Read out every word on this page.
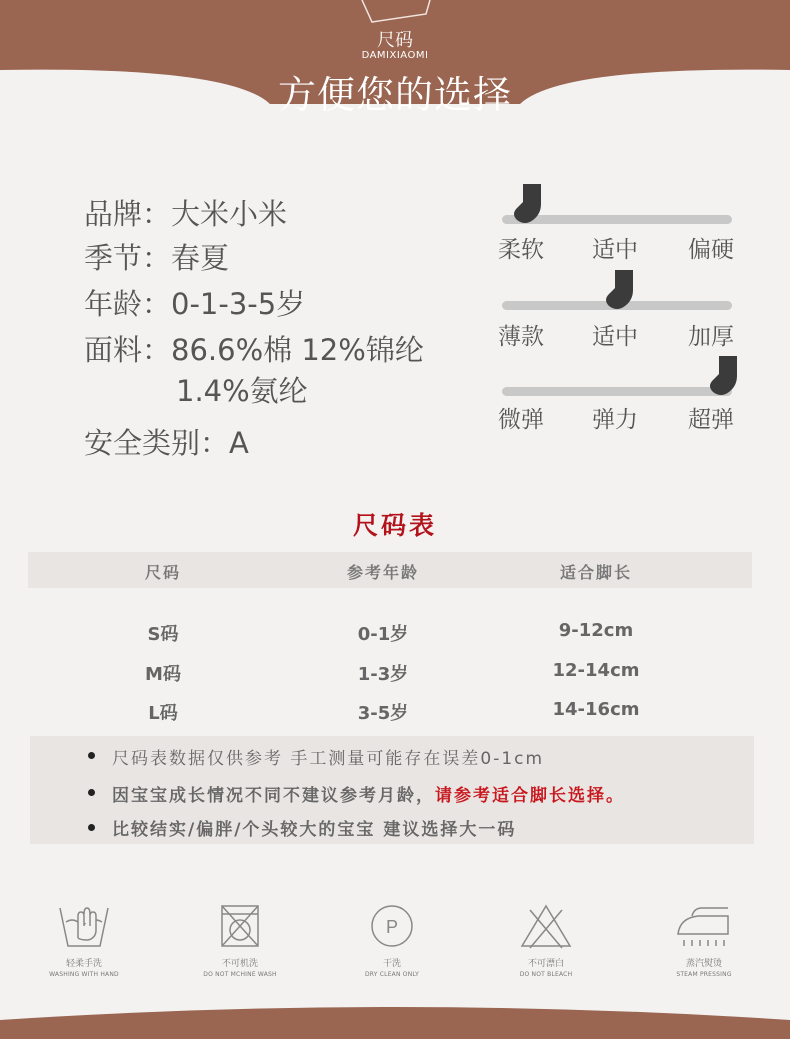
尺码
DAMIXIAOMI
方便您的选择
品牌：大米小米
季节：春夏
年龄：0-1-3-5岁
面料：86.6%棉 12%锦纶
1.4%氨纶
安全类别：A
柔软 适中 偏硬
薄款 适中 加厚
微弹 弹力 超弹
尺码表
尺码	参考年龄	适合脚长
S码	0-1岁	9-12cm
M码	1-3岁	12-14cm
L码	3-5岁	14-16cm
尺码表数据仅供参考 手工测量可能存在误差0-1cm
因宝宝成长情况不同不建议参考月龄，请参考适合脚长选择。
比较结实/偏胖/个头较大的宝宝 建议选择大一码
轻柔手洗
WASHING WITH HAND
不可机洗
DO NOT MCHINE WASH
P
干洗
DRY CLEAN ONLY
不可漂白
DO NOT BLEACH
蒸汽熨烫
STEAM PRESSING
